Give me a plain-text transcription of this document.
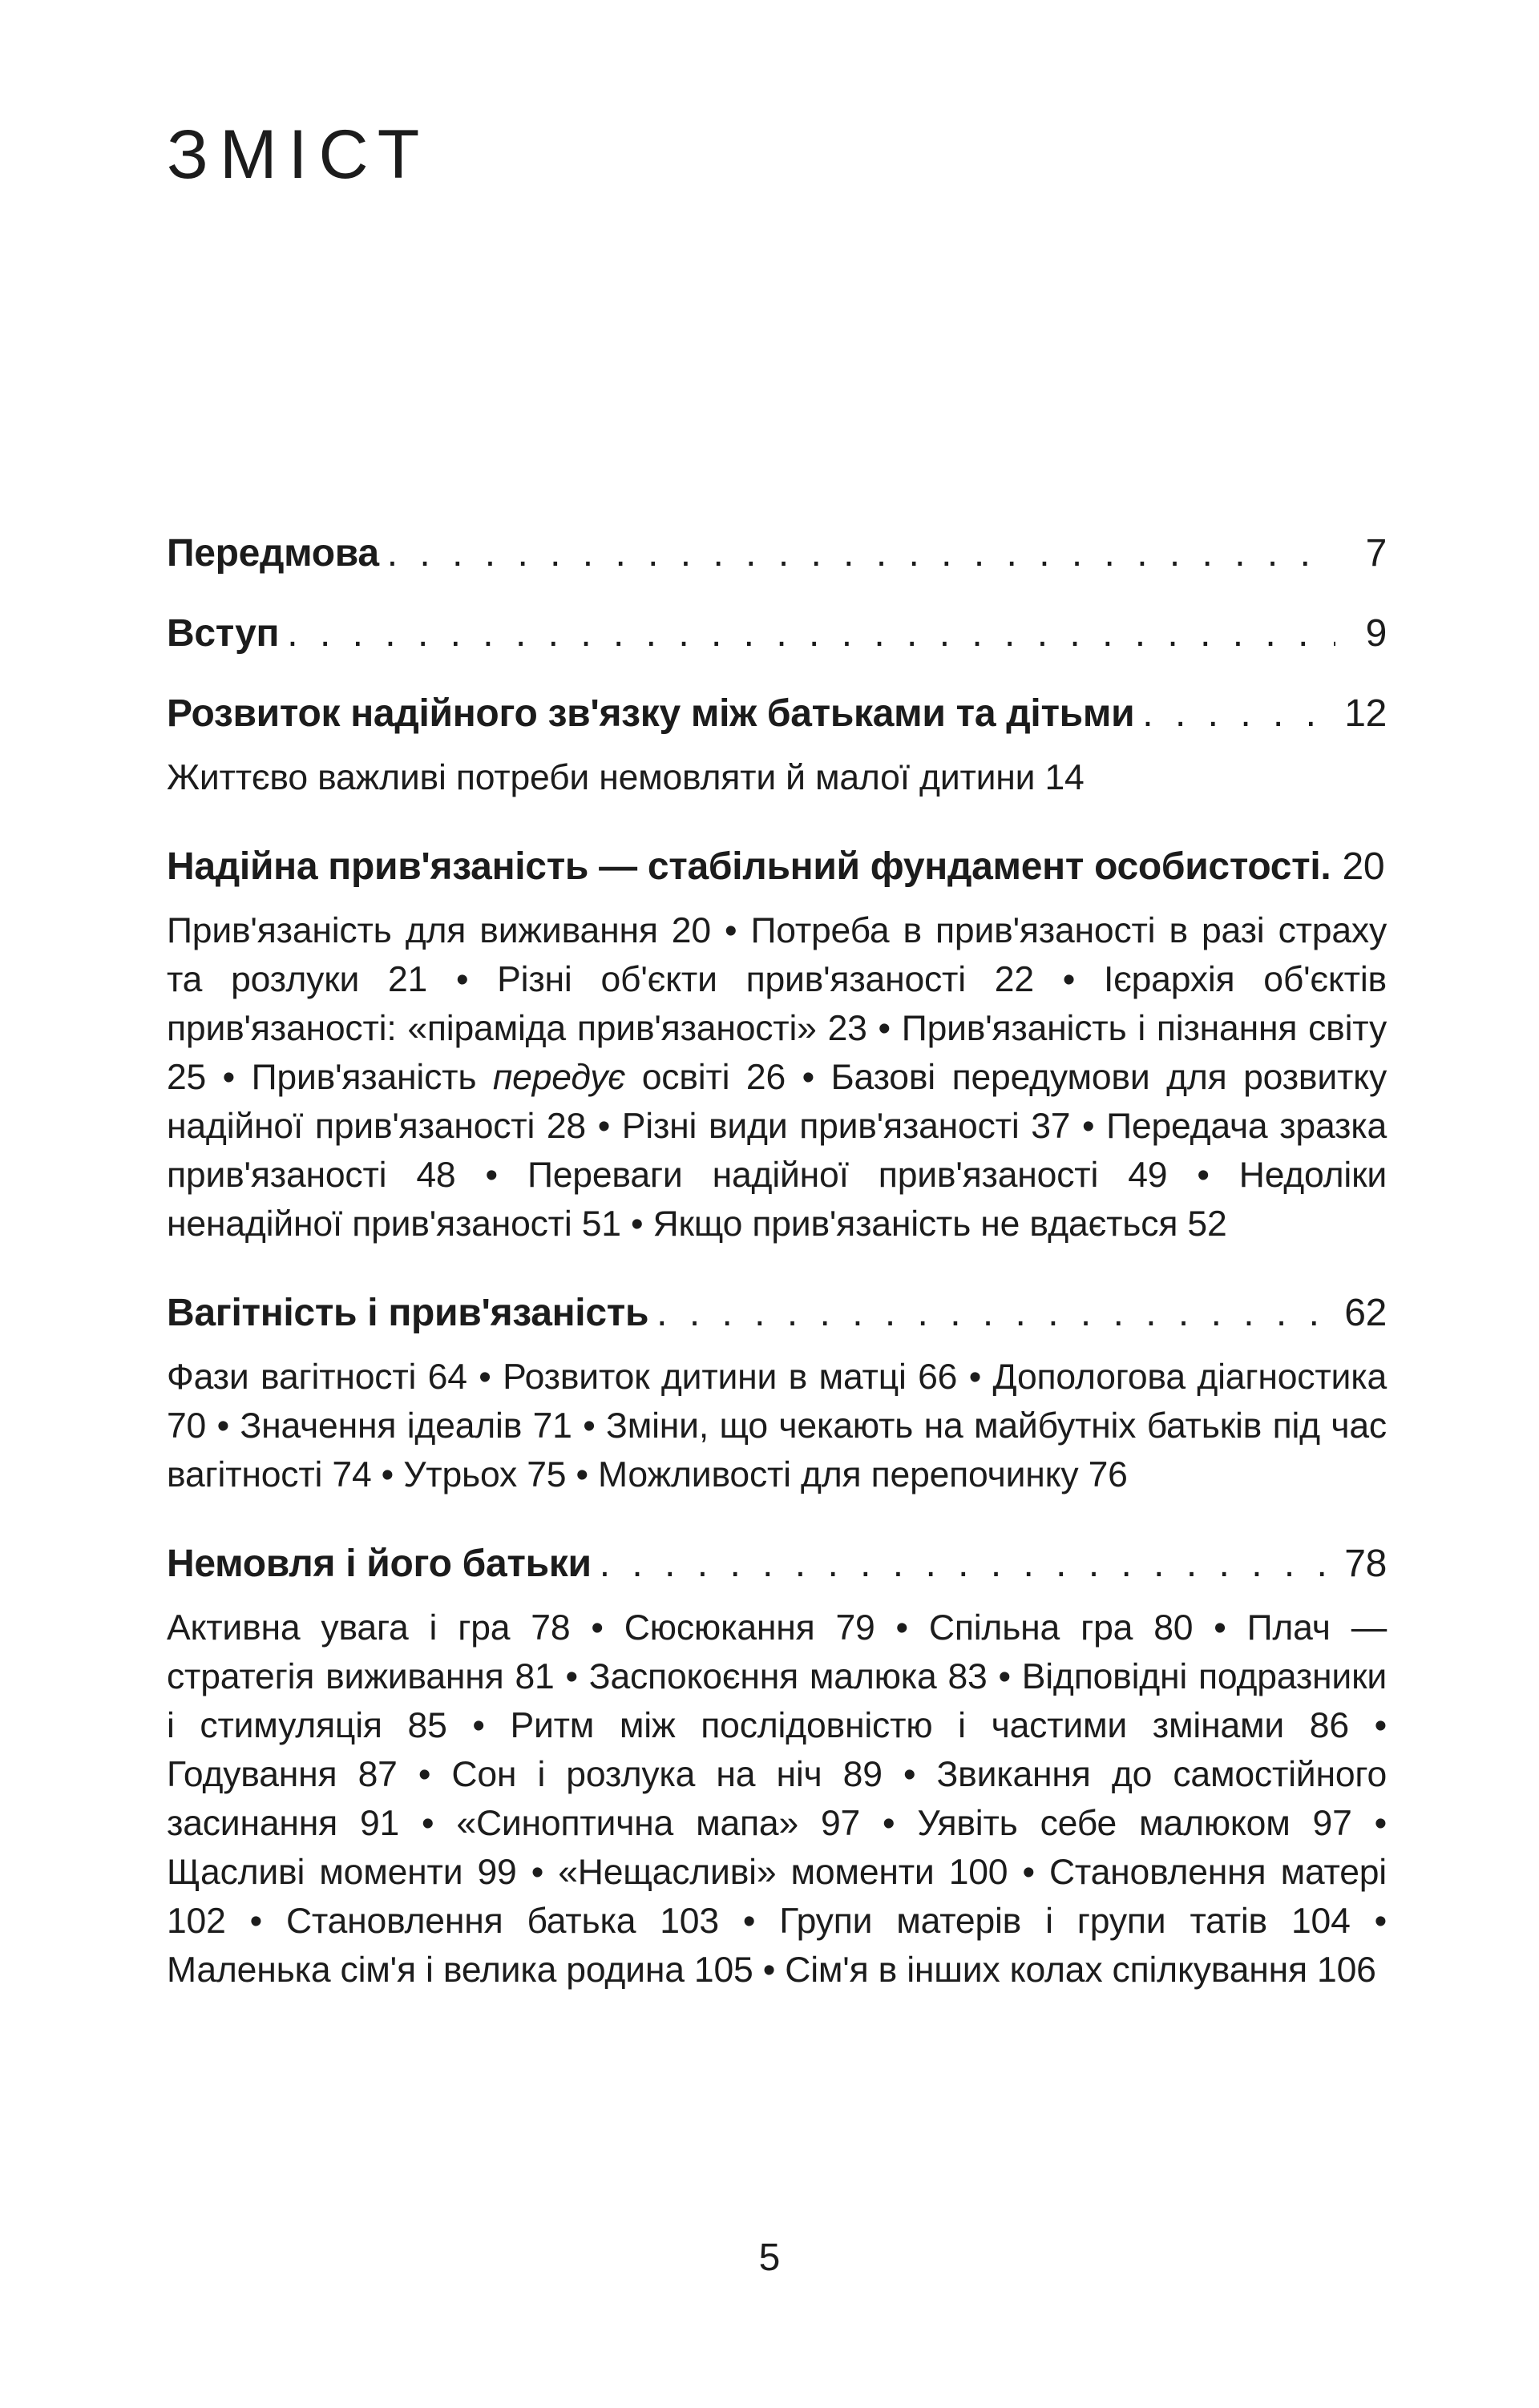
ЗМІСТ
Передмова . . .	7
Вступ . . .	9
Розвиток надійного зв'язку між батьками та дітьми . . .	12

Життєво важливі потреби немовляти й малої дитини 14

Надійна прив'язаність — стабільний фундамент особистості. 20

Прив'язаність для виживання 20 • Потреба в прив'язаності в разі страху та розлуки 21 • Різні об'єкти прив'язаності 22 • Ієрархія об'єктів прив'язаності: «піраміда прив'язаності» 23 • Прив'язаність і пізнання світу 25 • Прив'язаність передує освіті 26 • Базові передумови для розвитку надійної прив'язаності 28 • Різні види прив'язаності 37 • Передача зразка прив'язаності 48 • Переваги надійної прив'язаності 49 • Недоліки ненадійної прив'язаності 51 • Якщо прив'язаність не вдається 52

Вагітність і прив'язаність . . .	62

Фази вагітності 64 • Розвиток дитини в матці 66 • Допологова діагностика 70 • Значення ідеалів 71 • Зміни, що чекають на майбутніх батьків під час вагітності 74 • Утрьох 75 • Можливості для перепочинку 76

Немовля і його батьки . . .	78

Активна увага і гра 78 • Сюсюкання 79 • Спільна гра 80 • Плач — стратегія виживання 81 • Заспокоєння малюка 83 • Відповідні подразники і стимуляція 85 • Ритм між послідовністю і частими змінами 86 • Годування 87 • Сон і розлука на ніч 89 • Звикання до самостійного засинання 91 • «Синоптична мапа» 97 • Уявіть себе малюком 97 • Щасливі моменти 99 • «Нещасливі» моменти 100 • Становлення матері 102 • Становлення батька 103 • Групи матерів і групи татів 104 • Маленька сім'я і велика родина 105 • Сім'я в інших колах спілкування 106

5
